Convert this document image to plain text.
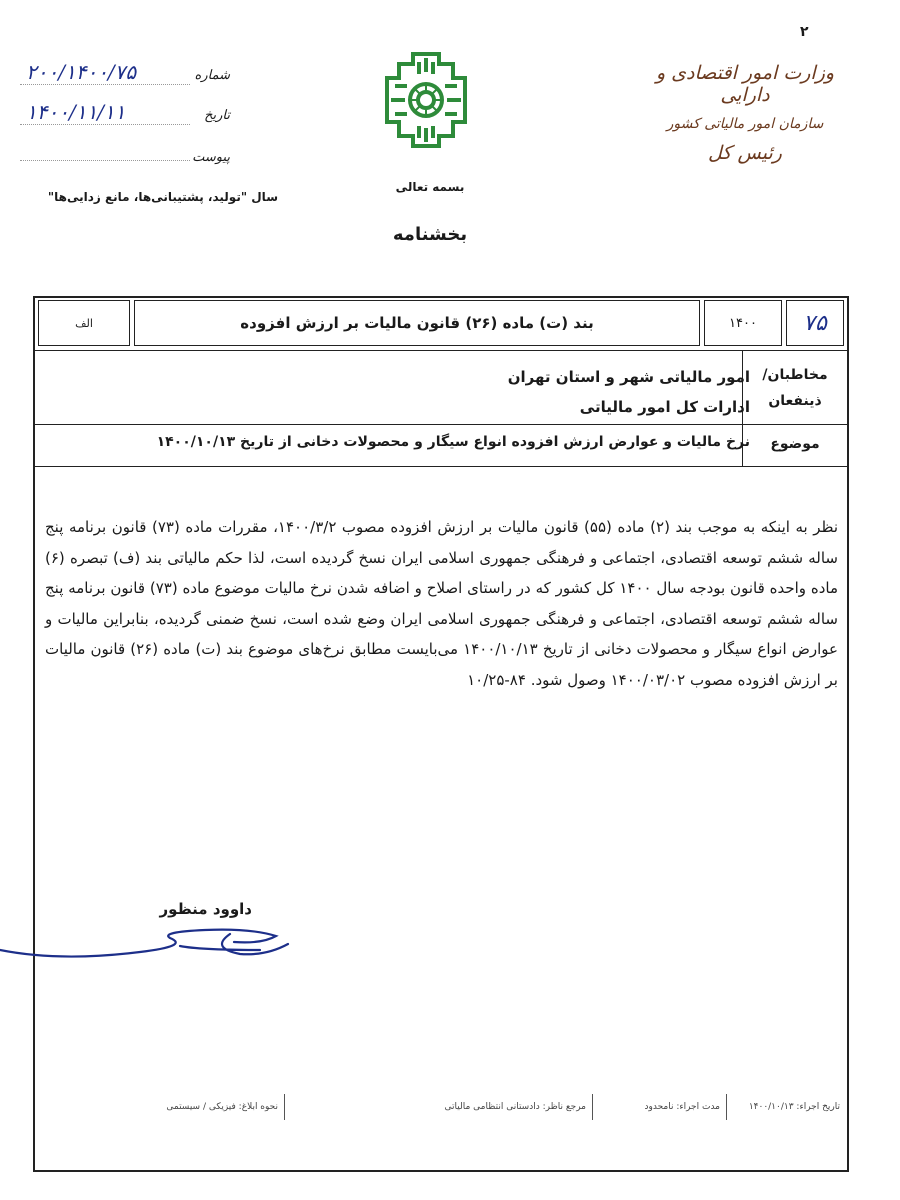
۲
وزارت امور اقتصادی و دارایی
سازمان امور مالیاتی کشور
رئیس کل
بسمه تعالی
بخشنامه
شماره
۲۰۰/۱۴۰۰/۷۵
تاریخ
۱۴۰۰/۱۱/۱۱
پیوست
سال "تولید، پشتیبانی‌ها، مانع زدایی‌ها"
۷۵
۱۴۰۰
بند (ت) ماده (۲۶) قانون مالیات بر ارزش افزوده
الف
مخاطبان/
ذینفعان
امور مالیاتی شهر و استان تهران
ادارات کل امور مالیاتی
موضوع
نرخ مالیات و عوارض ارزش افزوده انواع سیگار و محصولات دخانی از تاریخ ۱۴۰۰/۱۰/۱۳
نظر به اینکه به موجب بند (۲) ماده (۵۵) قانون مالیات بر ارزش افزوده مصوب ۱۴۰۰/۳/۲، مقررات ماده (۷۳) قانون برنامه پنج ساله ششم توسعه اقتصادی، اجتماعی و فرهنگی جمهوری اسلامی ایران نسخ گردیده است، لذا حکم مالیاتی بند (ف) تبصره (۶) ماده واحده قانون بودجه سال ۱۴۰۰ کل کشور که در راستای اصلاح و اضافه شدن نرخ مالیات موضوع ماده (۷۳) قانون برنامه پنج ساله ششم توسعه اقتصادی، اجتماعی و فرهنگی جمهوری اسلامی ایران وضع شده است، نسخ ضمنی گردیده، بنابراین مالیات و عوارض انواع سیگار و محصولات دخانی از تاریخ ۱۴۰۰/۱۰/۱۳ می‌بایست مطابق نرخ‌های موضوع بند (ت) ماده (۲۶) قانون مالیات بر ارزش افزوده مصوب ۱۴۰۰/۰۳/۰۲ وصول شود. ۸۴-۱۰/۲۵
داوود منظور
تاریخ اجراء: ۱۴۰۰/۱۰/۱۳
مدت اجراء: نامحدود
مرجع ناظر: دادستانی انتظامی مالیاتی
نحوه ابلاغ: فیزیکی / سیستمی
